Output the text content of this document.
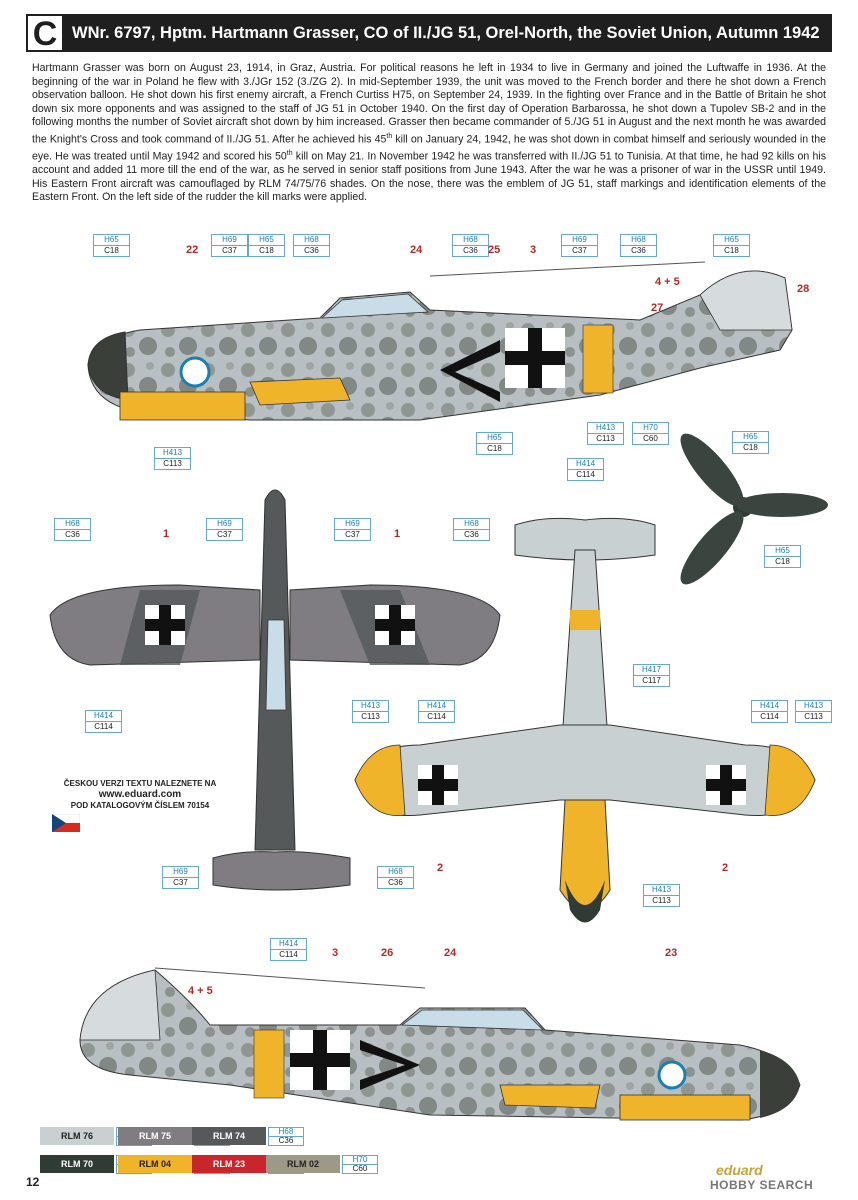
C WNr. 6797, Hptm. Hartmann Grasser, CO of II./JG 51, Orel-North, the Soviet Union, Autumn 1942

Hartmann Grasser was born on August 23, 1914, in Graz, Austria. For political reasons he left in 1934 to live in Germany and joined the Luftwaffe in 1936. At the beginning of the war in Poland he flew with 3./JGr 152 (3./ZG 2). In mid-September 1939, the unit was moved to the French border and there he shot down a French observation balloon. He shot down his first enemy aircraft, a French Curtiss H75, on September 24, 1939. In the fighting over France and in the Battle of Britain he shot down six more opponents and was assigned to the staff of JG 51 in October 1940. On the first day of Operation Barbarossa, he shot down a Tupolev SB-2 and in the following months the number of Soviet aircraft shot down by him increased. Grasser then became commander of 5./JG 51 in August and the next month he was awarded the Knight's Cross and took command of II./JG 51. After he achieved his 45th kill on January 24, 1942, he was shot down in combat himself and seriously wounded in the eye. He was treated until May 1942 and scored his 50th kill on May 21. In November 1942 he was transferred with II./JG 51 to Tunisia. At that time, he had 92 kills on his account and added 11 more till the end of the war, as he served in senior staff positions from June 1943. After the war he was a prisoner of war in the USSR until 1949. His Eastern Front aircraft was camouflaged by RLM 74/75/76 shades. On the nose, there was the emblem of JG 51, staff markings and identification elements of the Eastern Front. On the left side of the rudder the kill marks were applied.

H65
C18
H69
C37
H65
C18
H68
C36
H68
C36
H69
C37
H68
C36
H65
C18
H413
C113
H65
C18
H413
C113
H70
C60	H65
C18
H65
C18
H68
C36
H69
C37
H69
C37
H68
C36
H414
C114
H69
C37
H68
C36
H414
C114
H414
C114
H417
C117
H413
C113
H414
C114
H414
C114
H413
C113
H413
C113
22	24	25	3
4 + 5
28
27
1	1
2	2
3	26	24	23
4 + 5
ČESKOU VERZI TEXTU NALEZNETE NA
www.eduard.com
POD KATALOGOVÝM ČÍSLEM 70154
RLM 76	RLM 75	RLM 74	H68
C36
RLM 70	RLM 04	RLM 23	RLM 02	H70
C60
12
eduard
HOBBY SEARCH
